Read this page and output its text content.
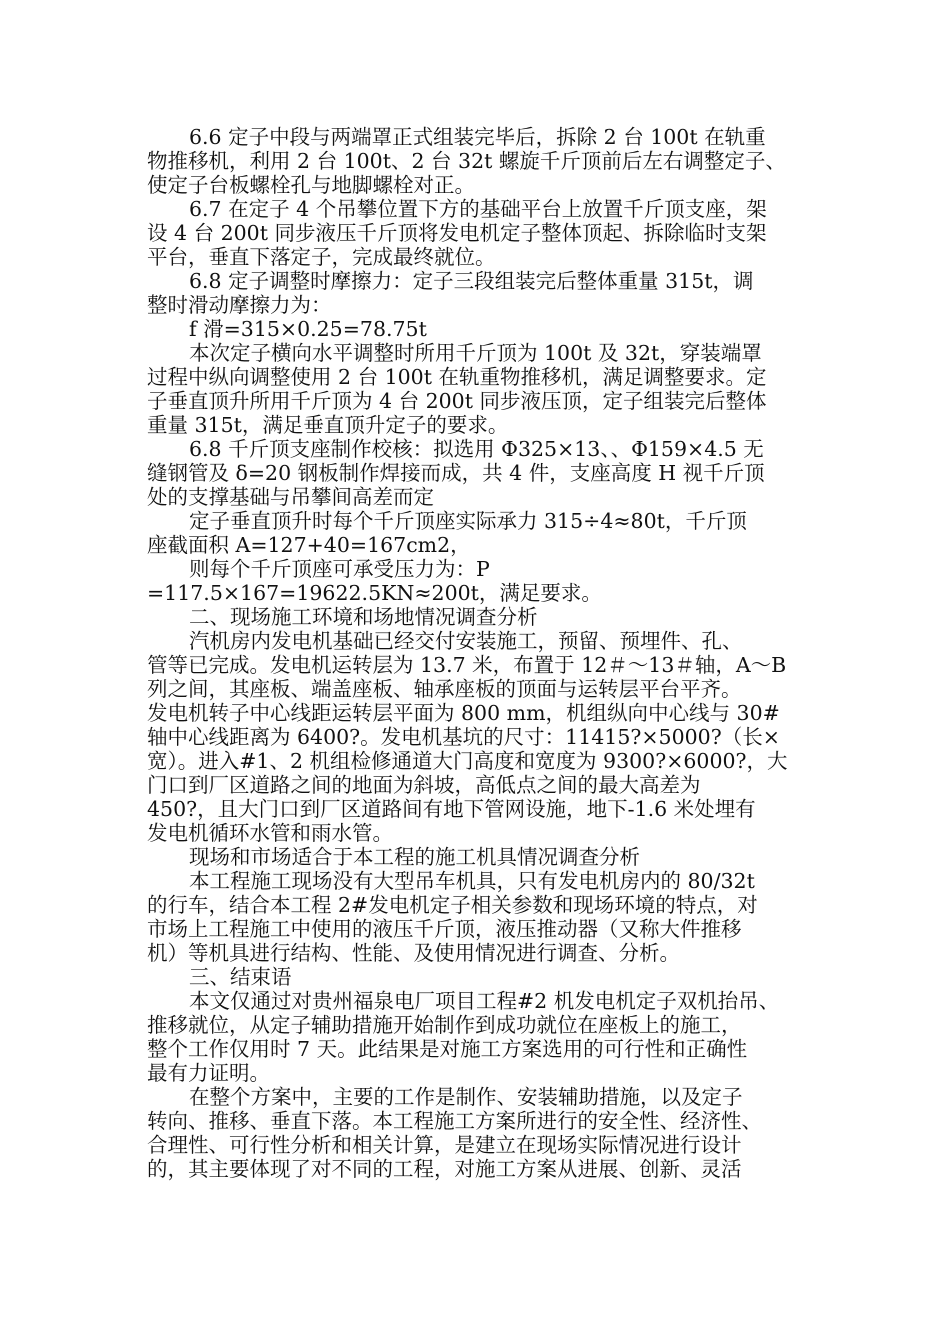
6.6 定子中段与两端罩正式组装完毕后，拆除 2 台 100t 在轨重
物推移机，利用 2 台 100t、2 台 32t 螺旋千斤顶前后左右调整定子、
使定子台板螺栓孔与地脚螺栓对正。
6.7 在定子 4 个吊攀位置下方的基础平台上放置千斤顶支座，架
设 4 台 200t 同步液压千斤顶将发电机定子整体顶起、拆除临时支架
平台，垂直下落定子，完成最终就位。
6.8 定子调整时摩擦力：定子三段组装完后整体重量 315t，调
整时滑动摩擦力为：
f 滑=315×0.25=78.75t
本次定子横向水平调整时所用千斤顶为 100t 及 32t，穿装端罩
过程中纵向调整使用 2 台 100t 在轨重物推移机，满足调整要求。定
子垂直顶升所用千斤顶为 4 台 200t 同步液压顶，定子组装完后整体
重量 315t，满足垂直顶升定子的要求。
6.8 千斤顶支座制作校核：拟选用 Φ325×13、、Φ159×4.5 无
缝钢管及 δ=20 钢板制作焊接而成，共 4 件，支座高度 H 视千斤顶
处的支撑基础与吊攀间高差而定
定子垂直顶升时每个千斤顶座实际承力 315÷4≈80t，千斤顶
座截面积 A=127+40=167cm2，
则每个千斤顶座可承受压力为：P
=117.5×167=19622.5KN≈200t，满足要求。
二、现场施工环境和场地情况调查分析
汽机房内发电机基础已经交付安装施工，预留、预埋件、孔、
管等已完成。发电机运转层为 13.7 米，布置于 12＃～13＃轴，A～B
列之间，其座板、端盖座板、轴承座板的顶面与运转层平台平齐。
发电机转子中心线距运转层平面为 800 mm，机组纵向中心线与 30#
轴中心线距离为 6400?。发电机基坑的尺寸：11415?×5000?（长×
宽）。进入#1、2 机组检修通道大门高度和宽度为 9300?×6000?，大
门口到厂区道路之间的地面为斜坡，高低点之间的最大高差为
450?，且大门口到厂区道路间有地下管网设施，地下-1.6 米处埋有
发电机循环水管和雨水管。
现场和市场适合于本工程的施工机具情况调查分析
本工程施工现场没有大型吊车机具，只有发电机房内的 80/32t
的行车，结合本工程 2#发电机定子相关参数和现场环境的特点，对
市场上工程施工中使用的液压千斤顶，液压推动器（又称大件推移
机）等机具进行结构、性能、及使用情况进行调查、分析。
三、结束语
本文仅通过对贵州福泉电厂项目工程#2 机发电机定子双机抬吊、
推移就位，从定子辅助措施开始制作到成功就位在座板上的施工，
整个工作仅用时 7 天。此结果是对施工方案选用的可行性和正确性
最有力证明。
在整个方案中，主要的工作是制作、安装辅助措施，以及定子
转向、推移、垂直下落。本工程施工方案所进行的安全性、经济性、
合理性、可行性分析和相关计算，是建立在现场实际情况进行设计
的，其主要体现了对不同的工程，对施工方案从进展、创新、灵活
